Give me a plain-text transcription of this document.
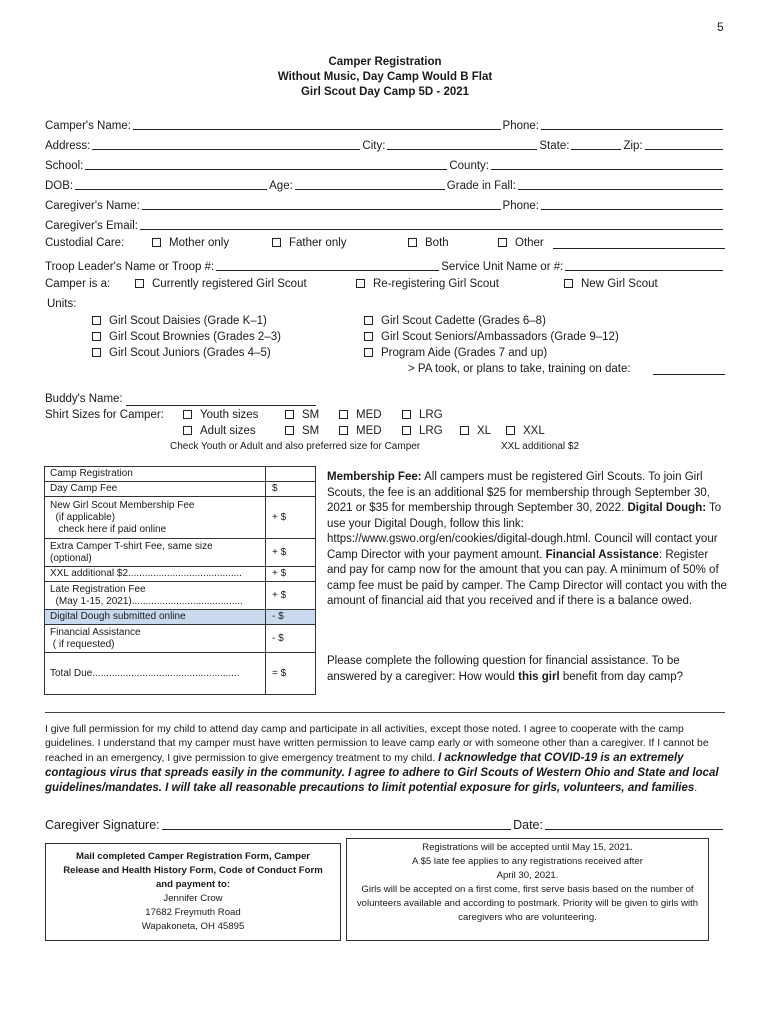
5
Camper Registration
Without Music, Day Camp Would B Flat
Girl Scout Day Camp 5D - 2021
Camper's Name:	Phone:
Address:	City:	State:	Zip:
School:	County:
DOB:	Age:	Grade in Fall:
Caregiver's Name:	Phone:
Caregiver's Email:
Custodial Care:	Mother only	Father only	Both	Other
Troop Leader's Name or Troop #:	Service Unit Name or #:
Camper is a:	Currently registered Girl Scout	Re-registering Girl Scout	New Girl Scout
Units:
Girl Scout Daisies (Grade K–1)
Girl Scout Brownies (Grades 2–3)
Girl Scout Juniors (Grades 4–5)
Girl Scout Cadette (Grades 6–8)
Girl Scout Seniors/Ambassadors (Grade 9–12)
Program Aide (Grades 7 and up)
> PA took, or plans to take, training on date:
Buddy's Name:
Shirt Sizes for Camper:	Youth sizes	SM	MED	LRG
Adult sizes	SM	MED	LRG	XL	XXL
Check Youth or Adult and also preferred size for Camper	XXL additional $2
Camp Registration	
Day Camp Fee	$
New Girl Scout Membership Fee
(if applicable)
check here if paid online	+ $
Extra Camper T-shirt Fee, same size
(optional)	+ $
XXL additional $2.........................................	+ $
Late Registration Fee
(May 1-15, 2021)........................................	+ $
Digital Dough submitted online	- $
Financial Assistance
( if requested)	- $
Total Due.....................................................	= $
Membership Fee: All campers must be registered Girl Scouts. To join Girl Scouts, the fee is an additional $25 for membership through September 30, 2021 or $35 for membership through September 30, 2022. Digital Dough: To use your Digital Dough, follow this link: https://www.gswo.org/en/cookies/digital-dough.html. Council will contact your Camp Director with your payment amount. Financial Assistance: Register and pay for camp now for the amount that you can pay. A minimum of 50% of camp fee must be paid by camper. The Camp Director will contact you with the amount of financial aid that you received and if there is a balance owed.
Please complete the following question for financial assistance. To be answered by a caregiver: How would this girl benefit from day camp?
I give full permission for my child to attend day camp and participate in all activities, except those noted. I agree to cooperate with the camp guidelines. I understand that my camper must have written permission to leave camp early or with someone other than a caregiver. If I cannot be reached in an emergency, I give permission to give emergency treatment to my child. I acknowledge that COVID-19 is an extremely contagious virus that spreads easily in the community. I agree to adhere to Girl Scouts of Western Ohio and State and local guidelines/mandates. I will take all reasonable precautions to limit potential exposure for girls, volunteers, and families.
Caregiver Signature:	Date:
Mail completed Camper Registration Form, Camper Release and Health History Form, Code of Conduct Form and payment to:
Jennifer Crow
17682 Freymuth Road
Wapakoneta, OH 45895
Registrations will be accepted until May 15, 2021.
A $5 late fee applies to any registrations received after
April 30, 2021.
Girls will be accepted on a first come, first serve basis based on the number of volunteers available and according to postmark. Priority will be given to girls with caregivers who are volunteering.
